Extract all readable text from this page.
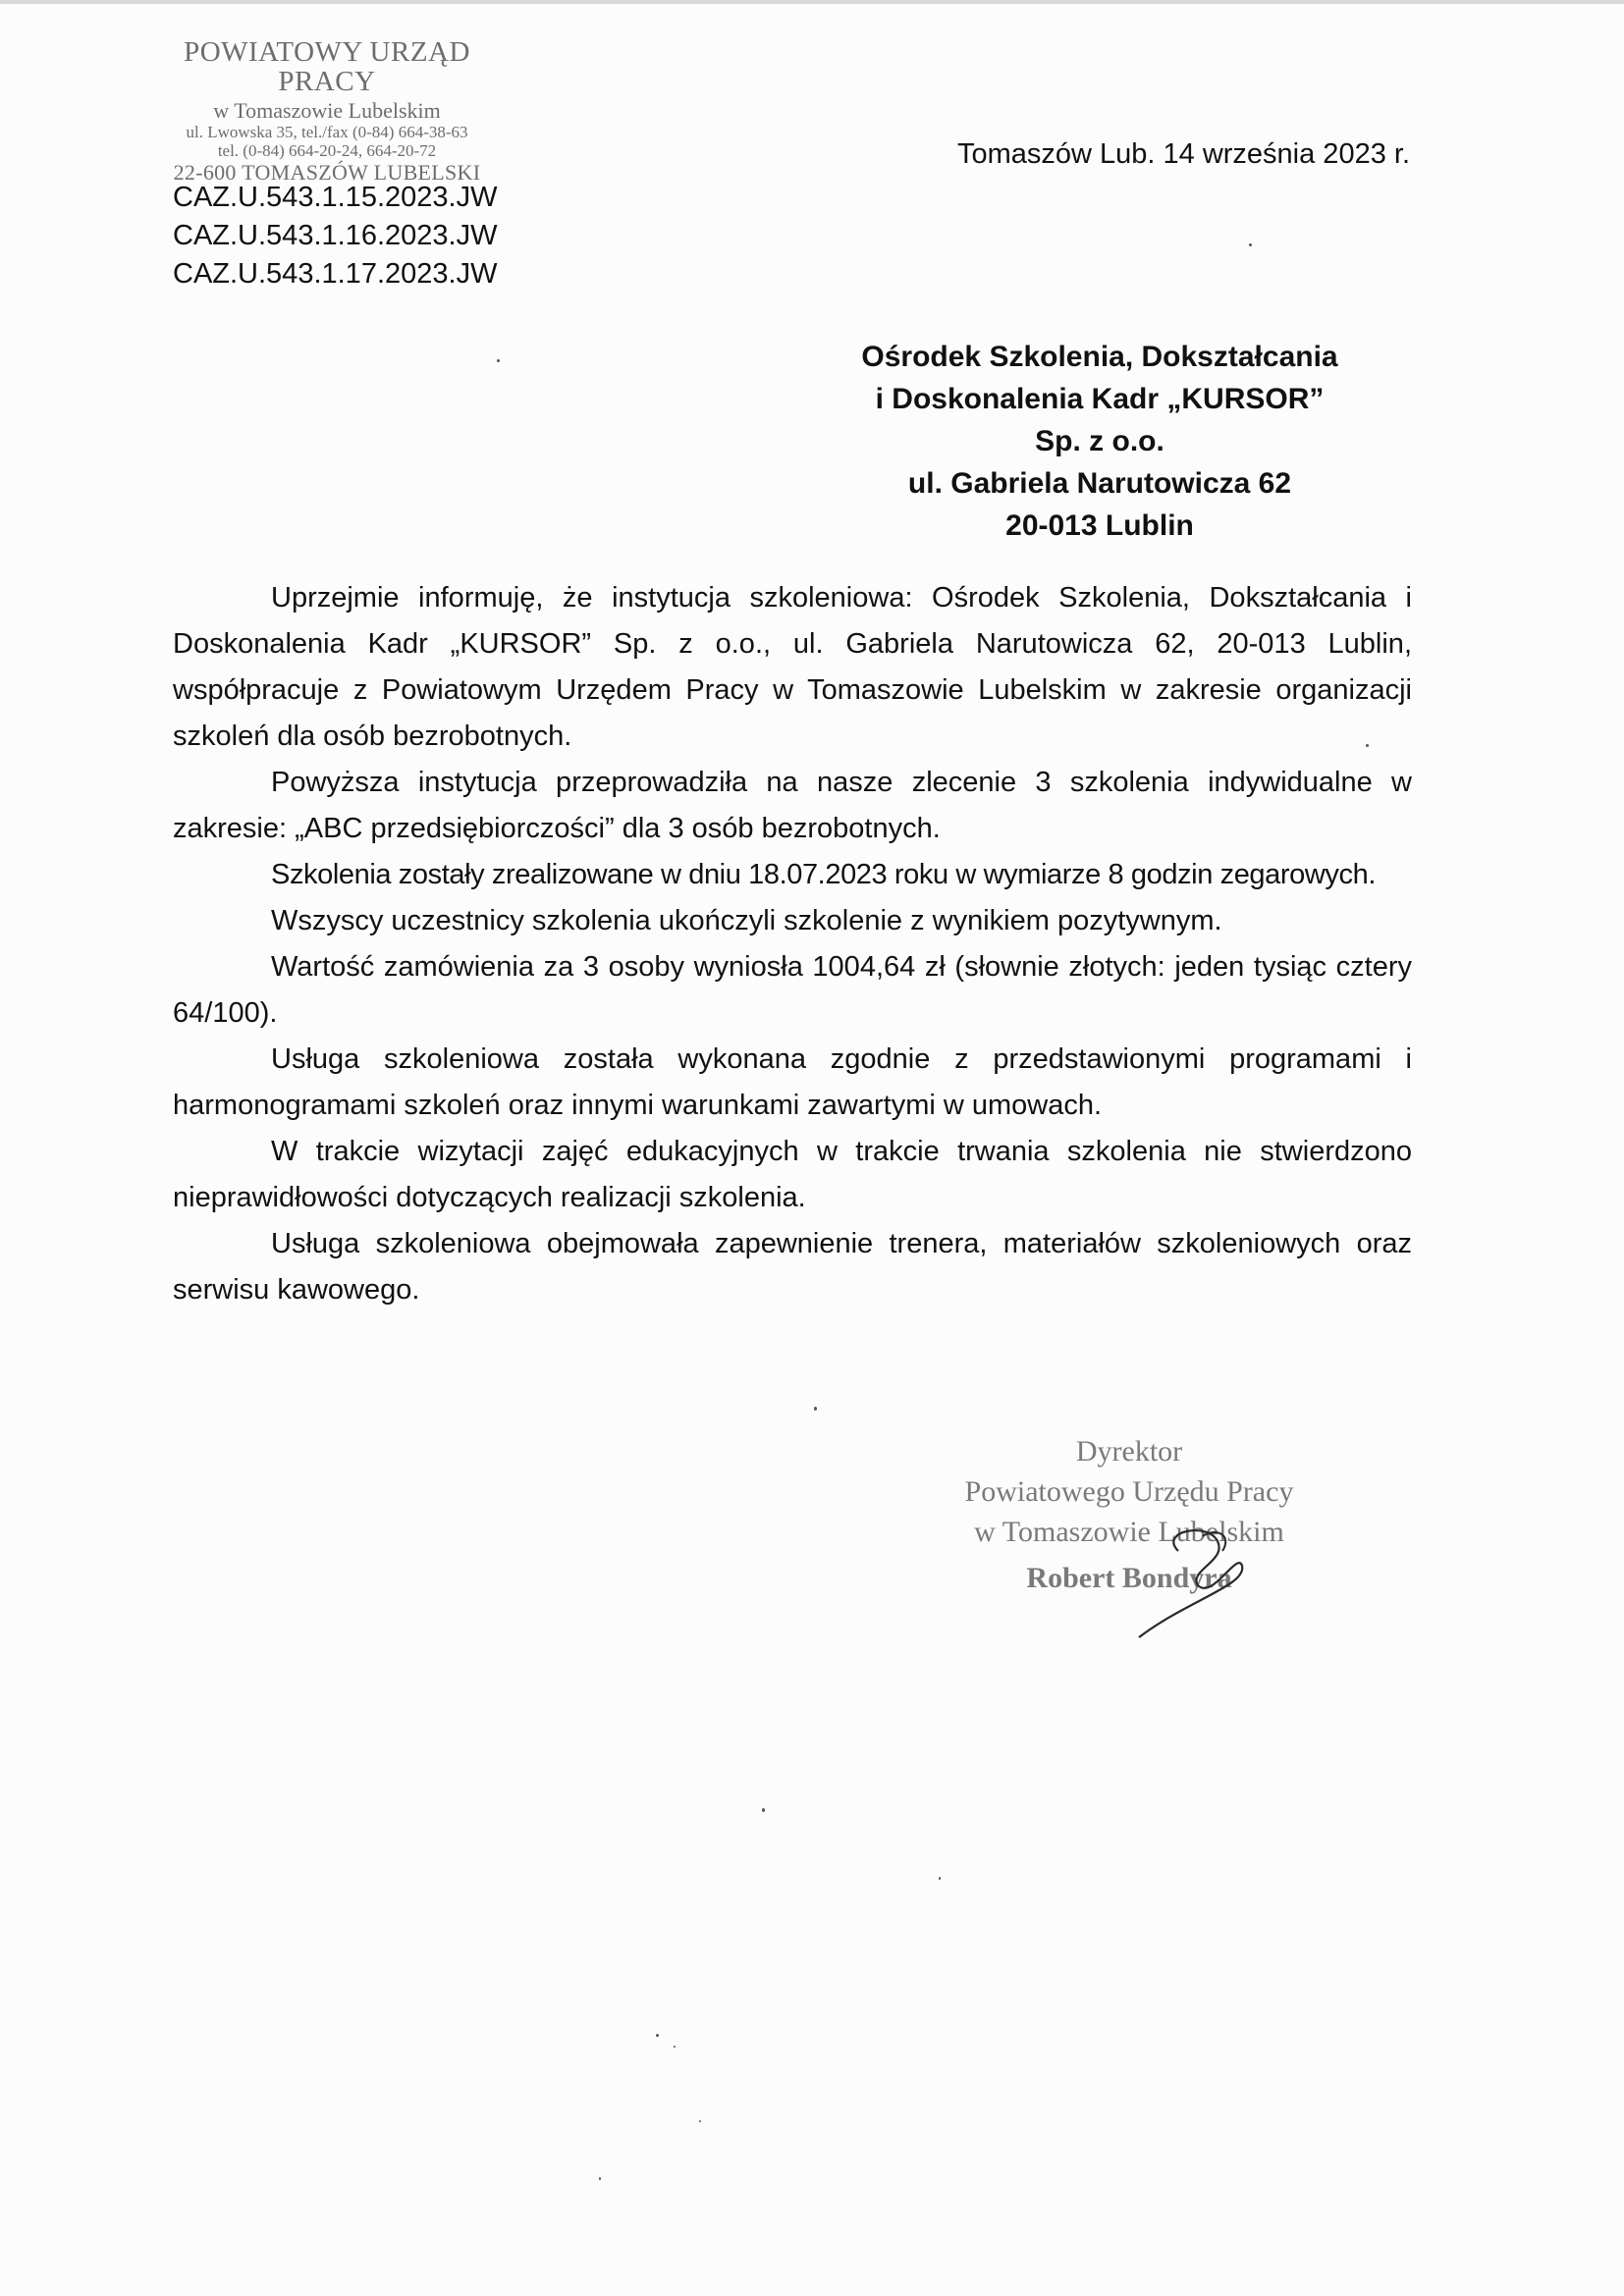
POWIATOWY URZĄD PRACY
w Tomaszowie Lubelskim
ul. Lwowska 35, tel./fax (0-84) 664-38-63
tel. (0-84) 664-20-24, 664-20-72
22-600 TOMASZÓW LUBELSKI
CAZ.U.543.1.15.2023.JW
CAZ.U.543.1.16.2023.JW
CAZ.U.543.1.17.2023.JW
Tomaszów Lub. 14 września 2023 r.
Ośrodek Szkolenia, Dokształcania
i Doskonalenia Kadr „KURSOR”
Sp. z o.o.
ul. Gabriela Narutowicza 62
20-013 Lublin

Uprzejmie informuję, że instytucja szkoleniowa: Ośrodek Szkolenia, Dokształcania i Doskonalenia Kadr „KURSOR” Sp. z o.o., ul. Gabriela Narutowicza 62, 20-013 Lublin, współpracuje z Powiatowym Urzędem Pracy w Tomaszowie Lubelskim w zakresie organizacji szkoleń dla osób bezrobotnych.

Powyższa instytucja przeprowadziła na nasze zlecenie 3 szkolenia indywidualne w zakresie: „ABC przedsiębiorczości” dla 3 osób bezrobotnych.

Szkolenia zostały zrealizowane w dniu 18.07.2023 roku w wymiarze 8 godzin zegarowych.

Wszyscy uczestnicy szkolenia ukończyli szkolenie z wynikiem pozytywnym.

Wartość zamówienia za 3 osoby wyniosła 1004,64 zł (słownie złotych: jeden tysiąc cztery 64/100).

Usługa szkoleniowa została wykonana zgodnie z przedstawionymi programami i harmonogramami szkoleń oraz innymi warunkami zawartymi w umowach.

W trakcie wizytacji zajęć edukacyjnych w trakcie trwania szkolenia nie stwierdzono nieprawidłowości dotyczących realizacji szkolenia.

Usługa szkoleniowa obejmowała zapewnienie trenera, materiałów szkoleniowych oraz serwisu kawowego.

Dyrektor
Powiatowego Urzędu Pracy
w Tomaszowie Lubelskim
Robert Bondyra
